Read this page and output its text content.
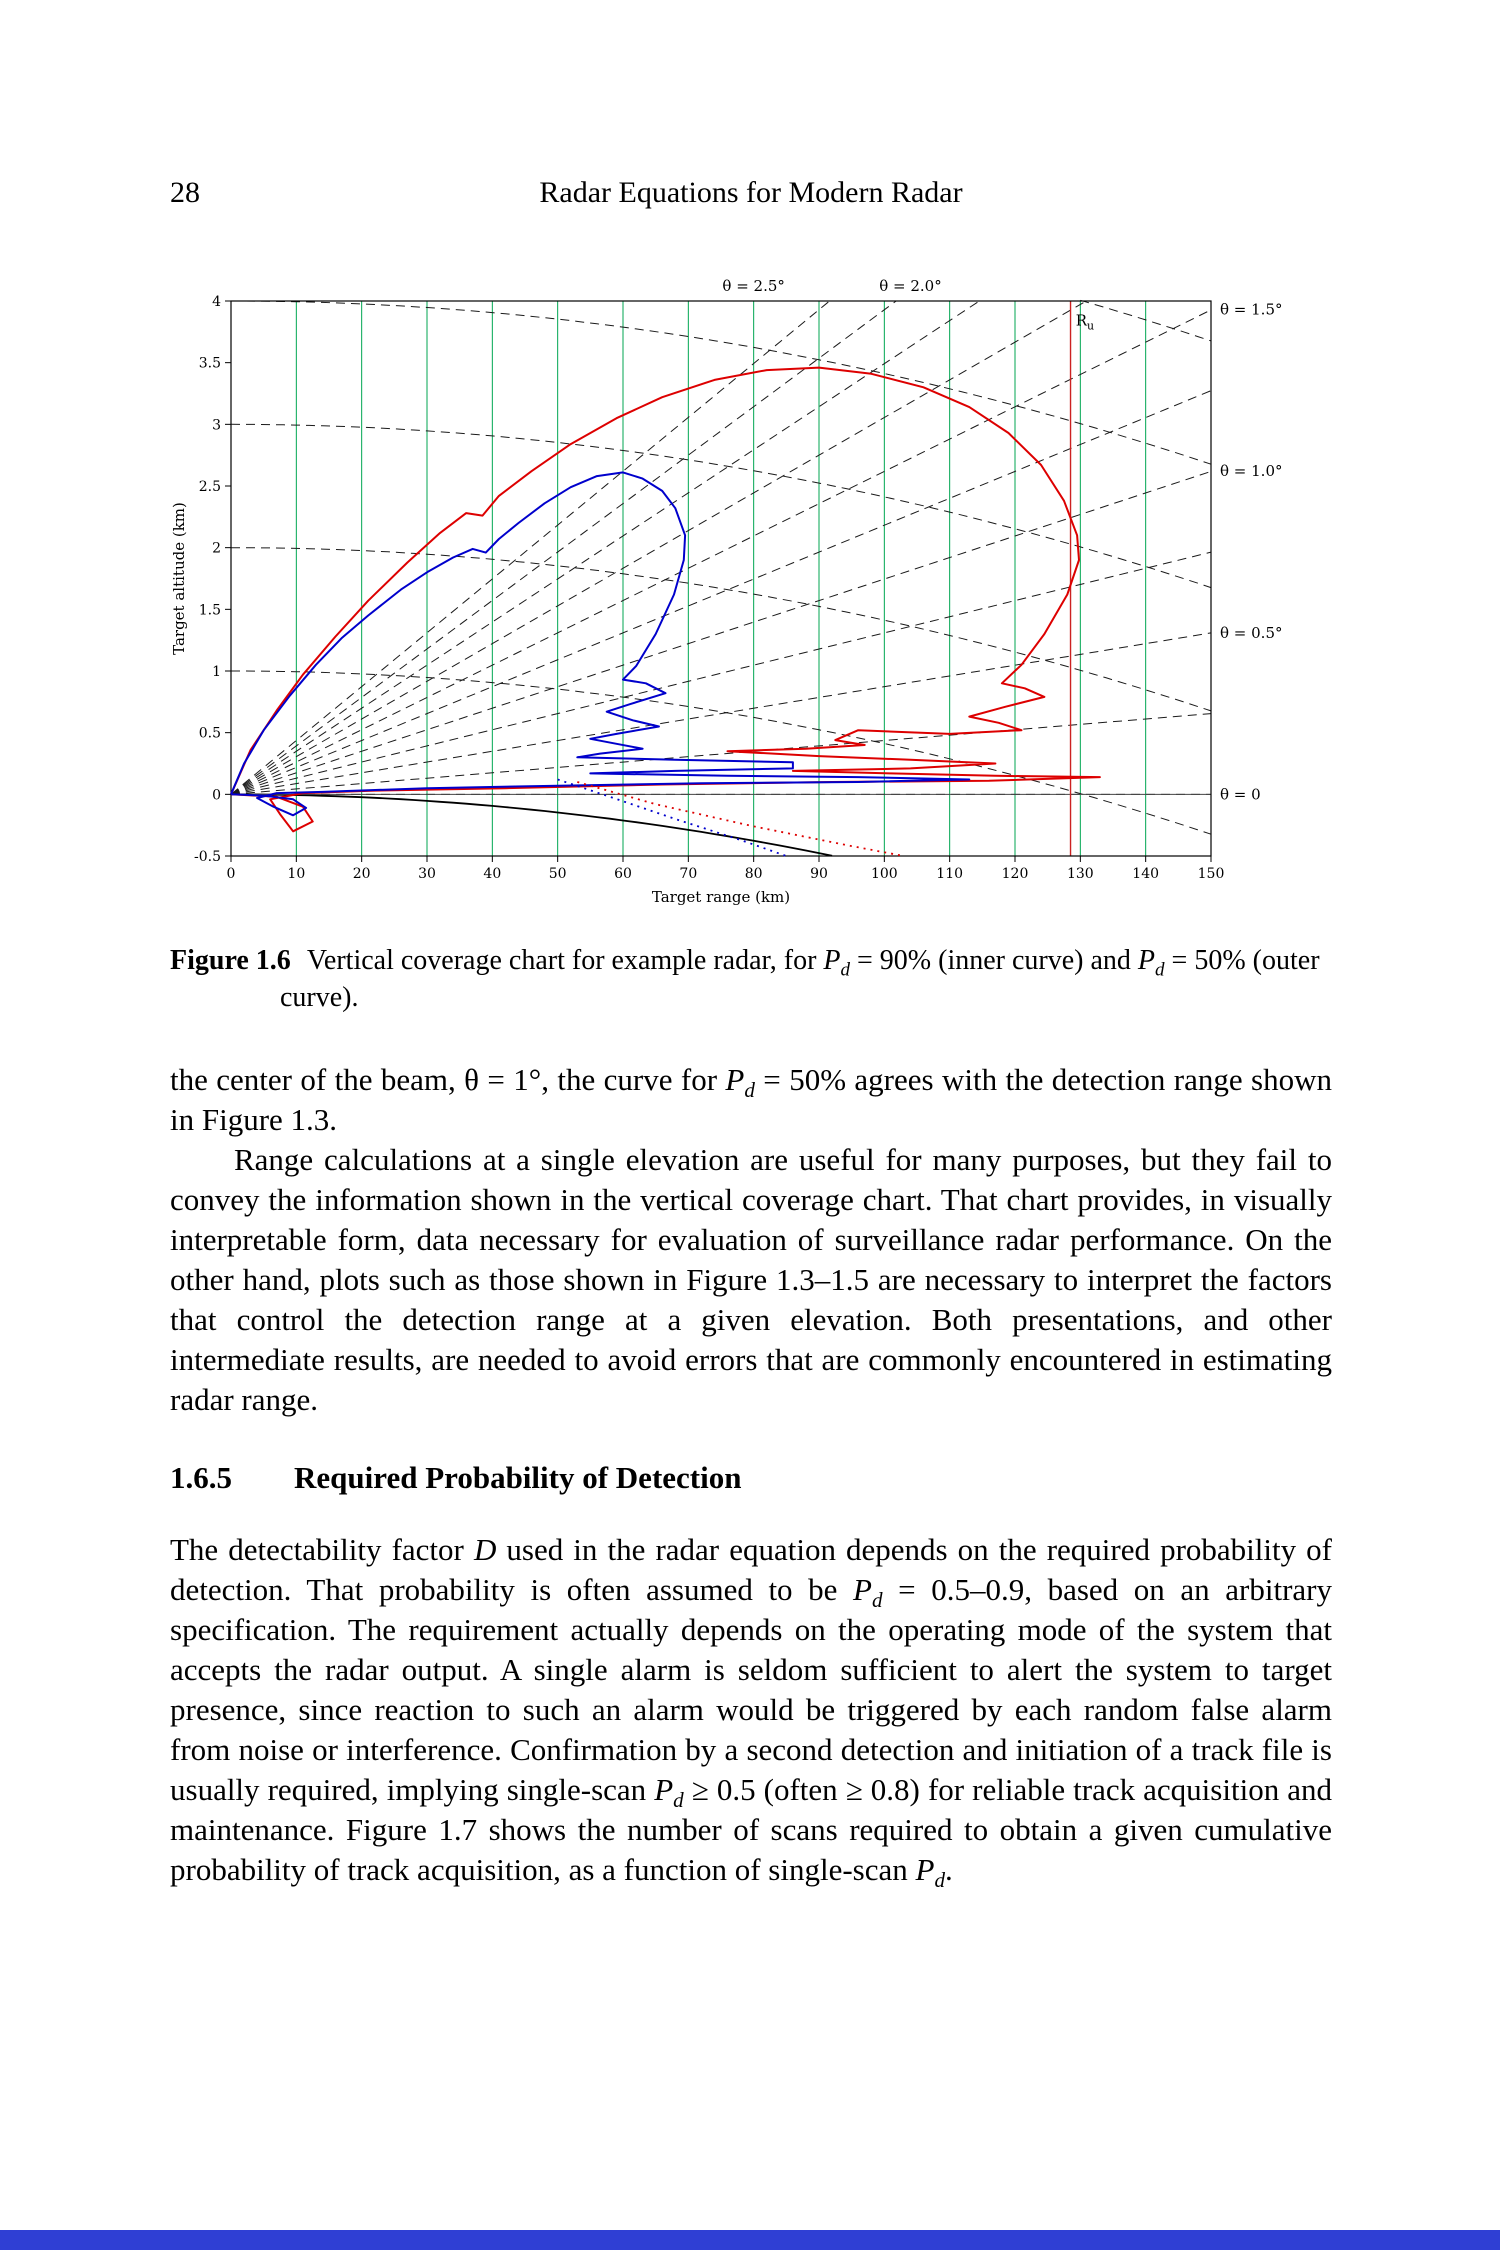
28	Radar Equations for Modern Radar
0	10	20	30	40	50	60	70	80	90	100	110	120	130	140	150
-0.5
0
0.5
1
1.5
2
2.5
3
3.5
4
Target range (km)
Target altitude (km)
θ = 2.5°	θ = 2.0°
θ = 1.5°
θ = 1.0°
θ = 0.5°
θ = 0
$R_u$
Figure 1.6 Vertical coverage chart for example radar, for $P_d = 90\%$ (inner curve) and $P_d = 50\%$ (outer curve).

the center of the beam, θ = 1°, the curve for $P_d = 50\%$ agrees with the detection range shown in Figure 1.3.

Range calculations at a single elevation are useful for many purposes, but they fail to convey the information shown in the vertical coverage chart. That chart provides, in visually interpretable form, data necessary for evaluation of surveillance radar performance. On the other hand, plots such as those shown in Figure 1.3–1.5 are necessary to interpret the factors that control the detection range at a given elevation. Both presentations, and other intermediate results, are needed to avoid errors that are commonly encountered in estimating radar range.

1.6.5 Required Probability of Detection

The detectability factor D used in the radar equation depends on the required probability of detection. That probability is often assumed to be $P_d = 0.5-0.9$, based on an arbitrary specification. The requirement actually depends on the operating mode of the system that accepts the radar output. A single alarm is seldom sufficient to alert the system to target presence, since reaction to such an alarm would be triggered by each random false alarm from noise or interference. Confirmation by a second detection and initiation of a track file is usually required, implying single-scan $P_d \ge 0.5$ (often ≥ 0.8) for reliable track acquisition and maintenance. Figure 1.7 shows the number of scans required to obtain a given cumulative probability of track acquisition, as a function of single-scan $P_d$.
